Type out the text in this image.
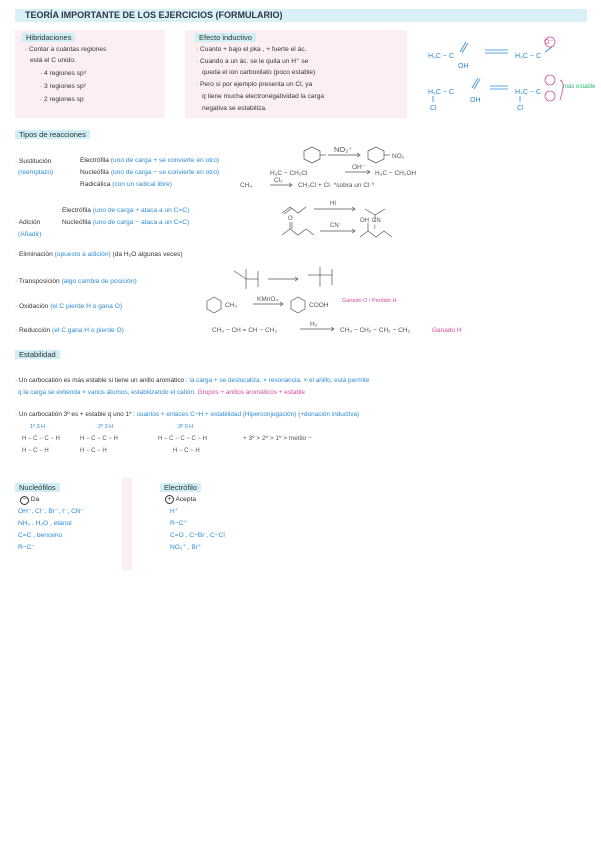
TEORÍA IMPORTANTE DE LOS EJERCICIOS (FORMULARIO)
Hibridaciones
· Contar a cuántas regiones
está el C unido.
· 4 regiones sp³
· 3 regiones sp²
· 2 regiones sp
Efecto inductivo
· Cuanto + bajo el pka , + fuerte el ác.
· Cuando a un ác. se le quita un H⁺ se
queda el ion carboxilato (poco estable)
· Pero si por ejemplo presenta un Cl, ya
q tiene mucha electronegatividad la carga
negativa se estabiliza.
H₃C − C
OH
H₃C − C
O⁻
H₃C − C
OH
Cl
H₃C − C
Cl
más estable
Tipos de reacciones
· Sustitución
(reemplazo)
Electrófila (uno de carga + se convierte en otro)
Nucleófila (uno de carga − se convierte en otro)
Radicálica (con un radical libre)
NO₂⁺
NO₂
H₃C − CH₂Cl
OH⁻
H₃C − CH₂OH
CH₄
Cl₂
CH₃Cl + Cl· *sobra un Cl·*
· Adición
(Añadir)
Electrófila (uno de carga + ataca a un C=C)
Nucleófila (uno de carga − ataca a un C=C)
HI
I
O
CN⁻
OH CN
· Eliminación (opuesto a adición) (da H₂O algunas veces)
· Transposición (algo cambia de posición)
· Oxidación (el C pierde H o gana O)	CH₃
KMnO₄
COOH
Ganado O / Perdido H
· Reducción (el C gana H o pierde O)	CH₃ − CH = CH − CH₃
H₂
CH₃ − CH₂ − CH₂ − CH₃	Ganado H
Estabilidad
· Un carbocatión es más estable si tiene un anillo aromático : la carga + se deslocaliza, × resonancia, × el anillo, está permite
q la carga se extienda × varios átomos, estabilizando el catión. Grupos + anillos aromáticos + estable
· Un carbocatión 3º es + estable q uno 1º : cuantos + enlaces C−H + estabilidad (Hiperconjugación) (+donación inductiva)
1º 3 H	2º 3 H	3º 0 H
H − C − C − H
H − C − H
H − C − C − H
H − C − H
H − C − C − C − H
H − C − H
+ 3º > 2º > 1º > metilo −
Nucleófilos
− Da
OH⁻, Cl⁻, Br⁻, I⁻, CN⁻
NH₃ , H₂O , etanol
C=C , benceno
R−C⁻
Electrófilo
+ Acepta
H⁺
R−C⁺
C=O , C−Br , C−Cl
NO₂⁺ , Br⁺
